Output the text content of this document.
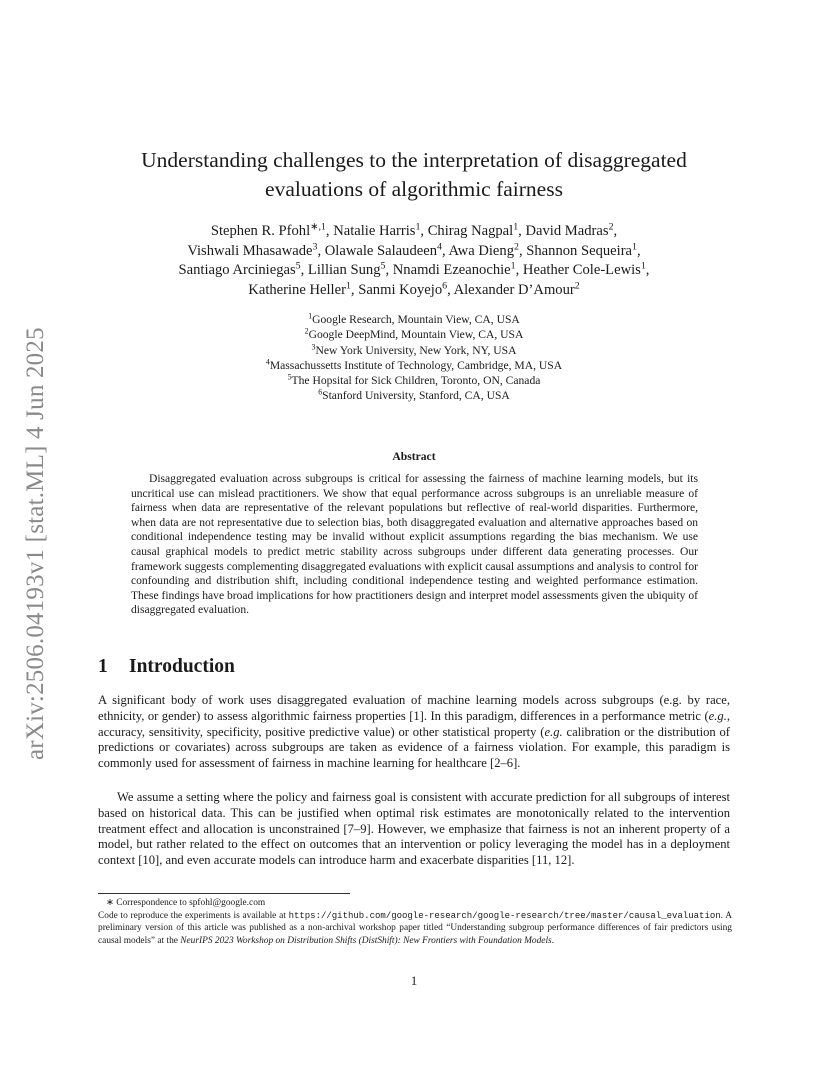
arXiv:2506.04193v1 [stat.ML] 4 Jun 2025
Understanding challenges to the interpretation of disaggregated
evaluations of algorithmic fairness
Stephen R. Pfohl$^{∗,1}$, Natalie Harris$^1$, Chirag Nagpal$^1$, David Madras$^2$,
Vishwali Mhasawade$^3$, Olawale Salaudeen$^4$, Awa Dieng$^2$, Shannon Sequeira$^1$,
Santiago Arciniegas$^5$, Lillian Sung$^5$, Nnamdi Ezeanochie$^1$, Heather Cole-Lewis$^1$,
Katherine Heller$^1$, Sanmi Koyejo$^6$, Alexander D’Amour$^2$
$^1$Google Research, Mountain View, CA, USA
$^2$Google DeepMind, Mountain View, CA, USA
$^3$New York University, New York, NY, USA
$^4$Massachussetts Institute of Technology, Cambridge, MA, USA
$^5$The Hopsital for Sick Children, Toronto, ON, Canada
$^6$Stanford University, Stanford, CA, USA
Abstract

Disaggregated evaluation across subgroups is critical for assessing the fairness of machine learning models, but its uncritical use can mislead practitioners. We show that equal performance across subgroups is an unreliable measure of fairness when data are representative of the relevant populations but reflective of real-world disparities. Furthermore, when data are not representative due to selection bias, both disaggregated evaluation and alternative approaches based on conditional independence testing may be invalid without explicit assumptions regarding the bias mechanism. We use causal graphical models to predict metric stability across subgroups under different data generating processes. Our framework suggests complementing disaggregated evaluations with explicit causal assumptions and analysis to control for confounding and distribution shift, including conditional independence testing and weighted performance estimation. These findings have broad implications for how practitioners design and interpret model assessments given the ubiquity of disaggregated evaluation.

1 Introduction

A significant body of work uses disaggregated evaluation of machine learning models across subgroups (e.g. by race, ethnicity, or gender) to assess algorithmic fairness properties [1]. In this paradigm, differences in a performance metric (e.g., accuracy, sensitivity, specificity, positive predictive value) or other statistical property (e.g. calibration or the distribution of predictions or covariates) across subgroups are taken as evidence of a fairness violation. For example, this paradigm is commonly used for assessment of fairness in machine learning for healthcare [2–6].

We assume a setting where the policy and fairness goal is consistent with accurate prediction for all subgroups of interest based on historical data. This can be justified when optimal risk estimates are monotonically related to the intervention treatment effect and allocation is unconstrained [7–9]. However, we emphasize that fairness is not an inherent property of a model, but rather related to the effect on outcomes that an intervention or policy leveraging the model has in a deployment context [10], and even accurate models can introduce harm and exacerbate disparities [11, 12].

∗ Correspondence to spfohl@google.com
Code to reproduce the experiments is available at https://github.com/google-research/google-research/tree/master/causal_evaluation. A preliminary version of this article was published as a non-archival workshop paper titled “Understanding subgroup performance differences of fair predictors using causal models” at the NeurIPS 2023 Workshop on Distribution Shifts (DistShift): New Frontiers with Foundation Models.

1
